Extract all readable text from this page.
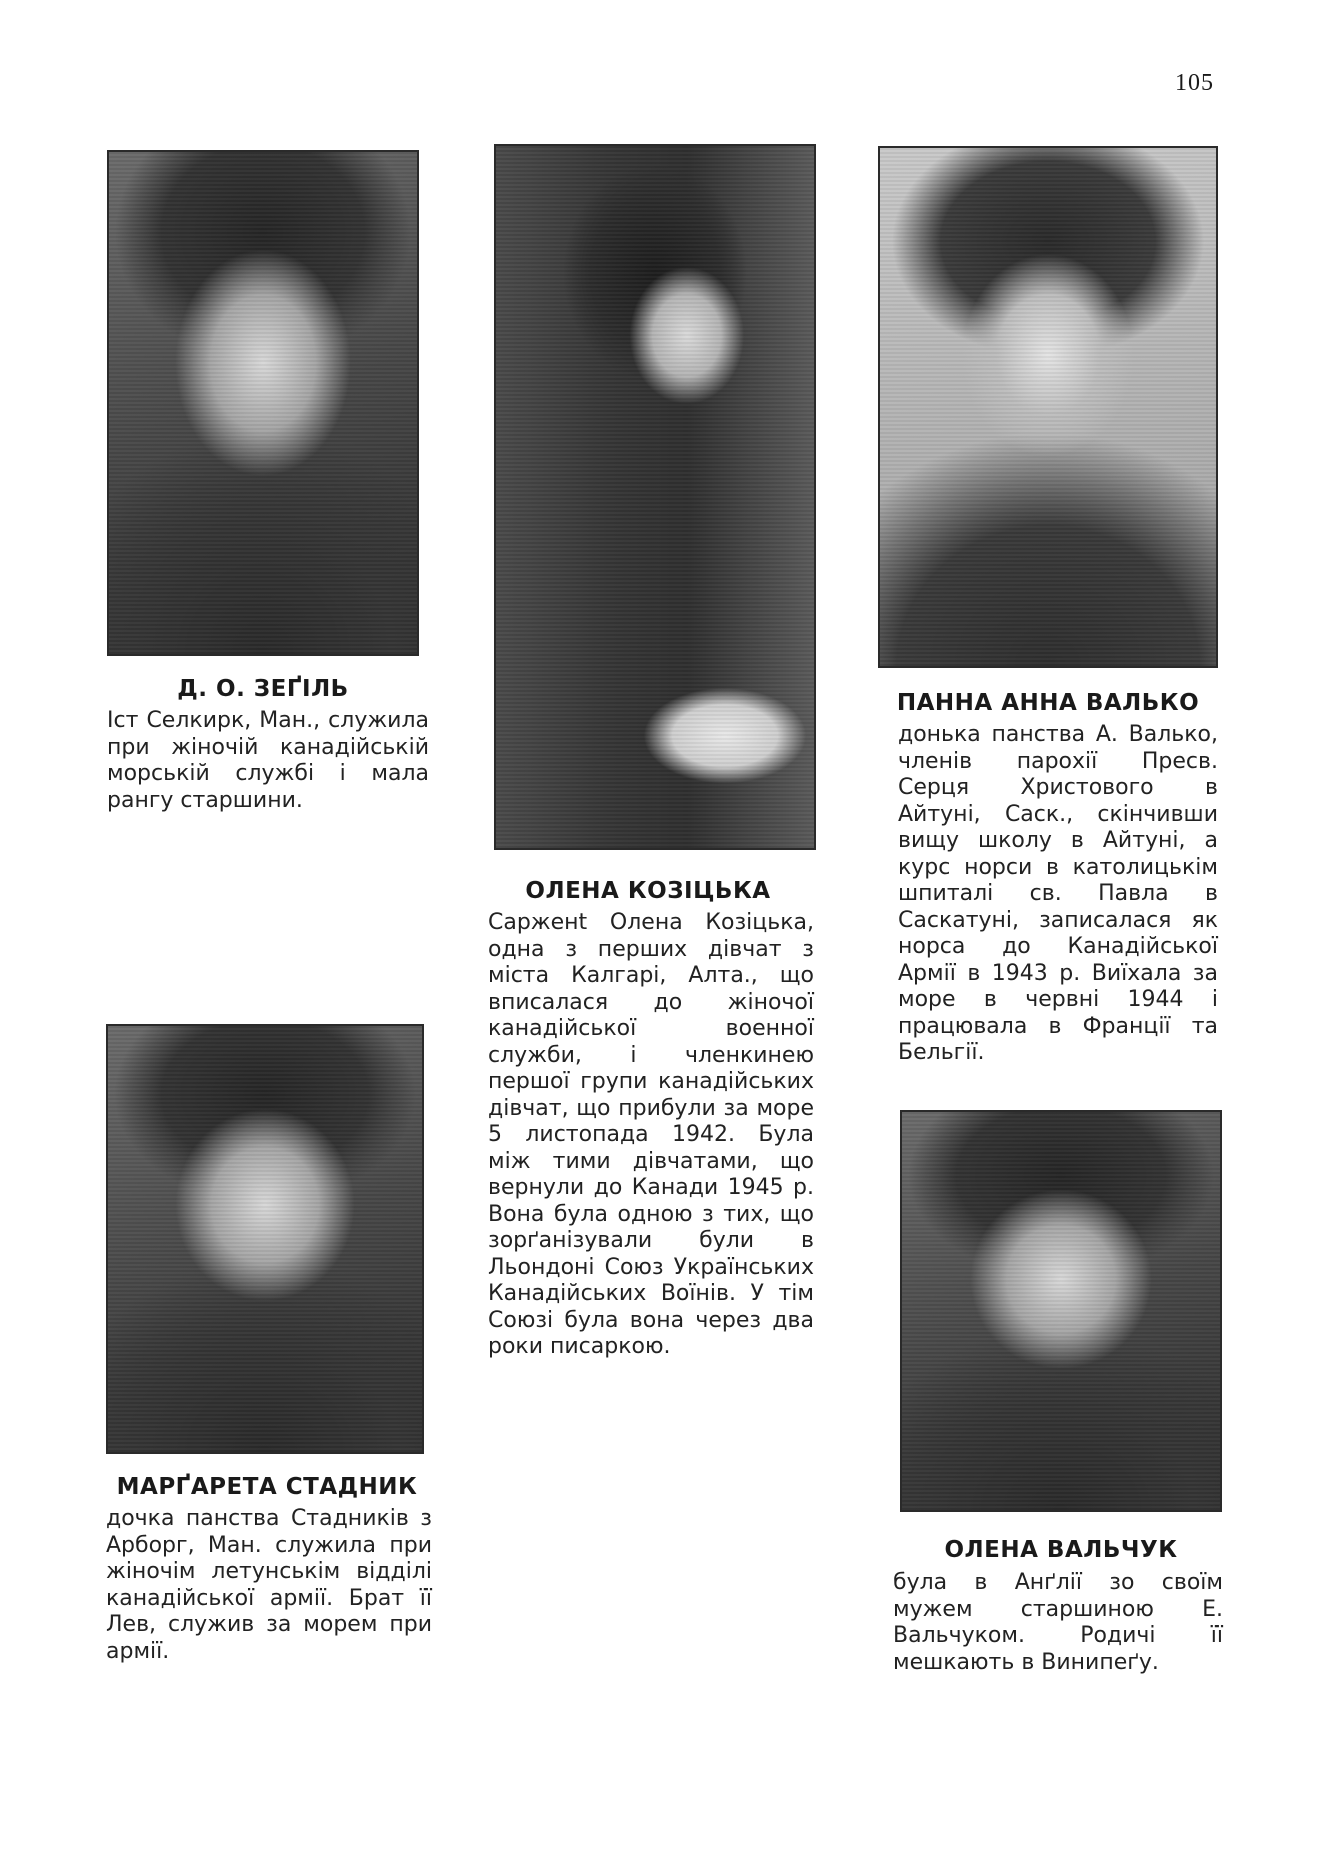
105
Д. О. ЗЕҐІЛЬ
Іст Селкирк, Ман., служила при жіночій канадійській морській службі і мала рангу старшини.
ОЛЕНА КОЗІЦЬКА
Сарженt Олена Козіцька, одна з перших дівчат з міста Калгарі, Алта., що вписалася до жіночої канадійської военної служби, і членкинею першої групи канадійських дівчат, що прибули за море 5 листопада 1942. Була між тими дівчатами, що вернули до Канади 1945 р. Вона була одною з тих, що зорґанізували були в Льондоні Союз Українських Канадійських Воїнів. У тім Союзі була вона через два роки писаркою.
ПАННА АННА ВАЛЬКО
донька панства А. Валько, членів парохії Пресв. Серця Христового в Айтуні, Саск., скінчивши вищу школу в Айтуні, а курс норси в католицькім шпиталі св. Павла в Саскатуні, записалася як норса до Канадійської Армії в 1943 р. Виїхала за море в червні 1944 і працювала в Франції та Бельгії.
МАРҐАРЕТА СТАДНИК
дочка панства Стадників з Арборг, Ман. служила при жіночім летунськім відділі канадійської армії. Брат її Лев, служив за морем при армії.
ОЛЕНА ВАЛЬЧУК
була в Анґлії зо своїм мужем старшиною Е. Вальчуком. Родичі її мешкають в Винипеґу.
